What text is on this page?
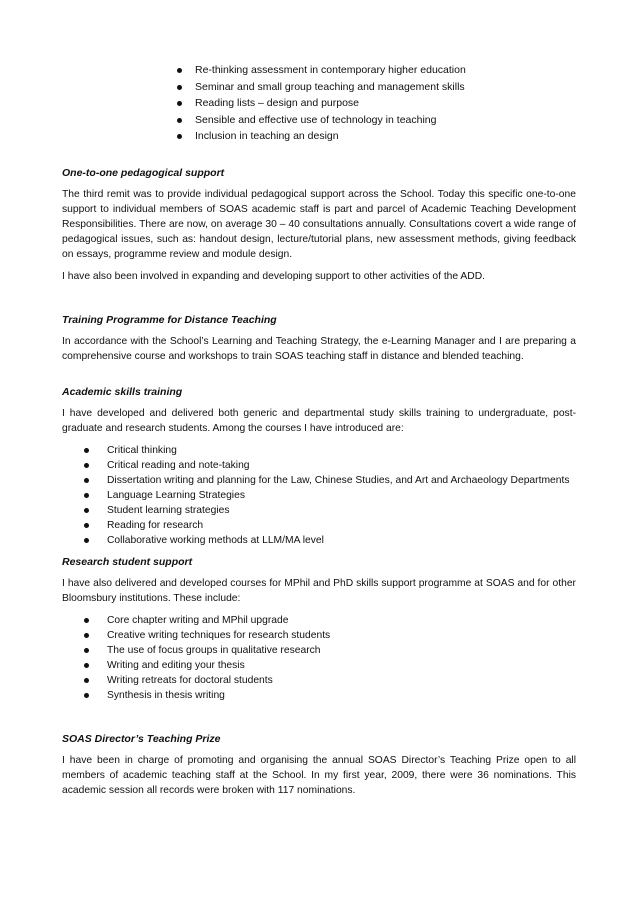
Re-thinking assessment in contemporary higher education
Seminar and small group teaching and management skills
Reading lists – design and purpose
Sensible and effective use of technology in teaching
Inclusion in teaching an design
One-to-one pedagogical support

The third remit was to provide individual pedagogical support across the School. Today this specific one-to-one support to individual members of SOAS academic staff is part and parcel of Academic Teaching Development Responsibilities. There are now, on average 30 – 40 consultations annually. Consultations covert a wide range of pedagogical issues, such as: handout design, lecture/tutorial plans, new assessment methods, giving feedback on essays, programme review and module design.

I have also been involved in expanding and developing support to other activities of the ADD.

Training Programme for Distance Teaching

In accordance with the School’s Learning and Teaching Strategy, the e-Learning Manager and I are preparing a comprehensive course and workshops to train SOAS teaching staff in distance and blended teaching.

Academic skills training

I have developed and delivered both generic and departmental study skills training to undergraduate, post-graduate and research students. Among the courses I have introduced are:

Critical thinking
Critical reading and note-taking
Dissertation writing and planning for the Law, Chinese Studies, and Art and Archaeology Departments
Language Learning Strategies
Student learning strategies
Reading for research
Collaborative working methods at LLM/MA level
Research student support

I have also delivered and developed courses for MPhil and PhD skills support programme at SOAS and for other Bloomsbury institutions. These include:

Core chapter writing and MPhil upgrade
Creative writing techniques for research students
The use of focus groups in qualitative research
Writing and editing your thesis
Writing retreats for doctoral students
Synthesis in thesis writing
SOAS Director’s Teaching Prize

I have been in charge of promoting and organising the annual SOAS Director’s Teaching Prize open to all members of academic teaching staff at the School. In my first year, 2009, there were 36 nominations. This academic session all records were broken with 117 nominations.
